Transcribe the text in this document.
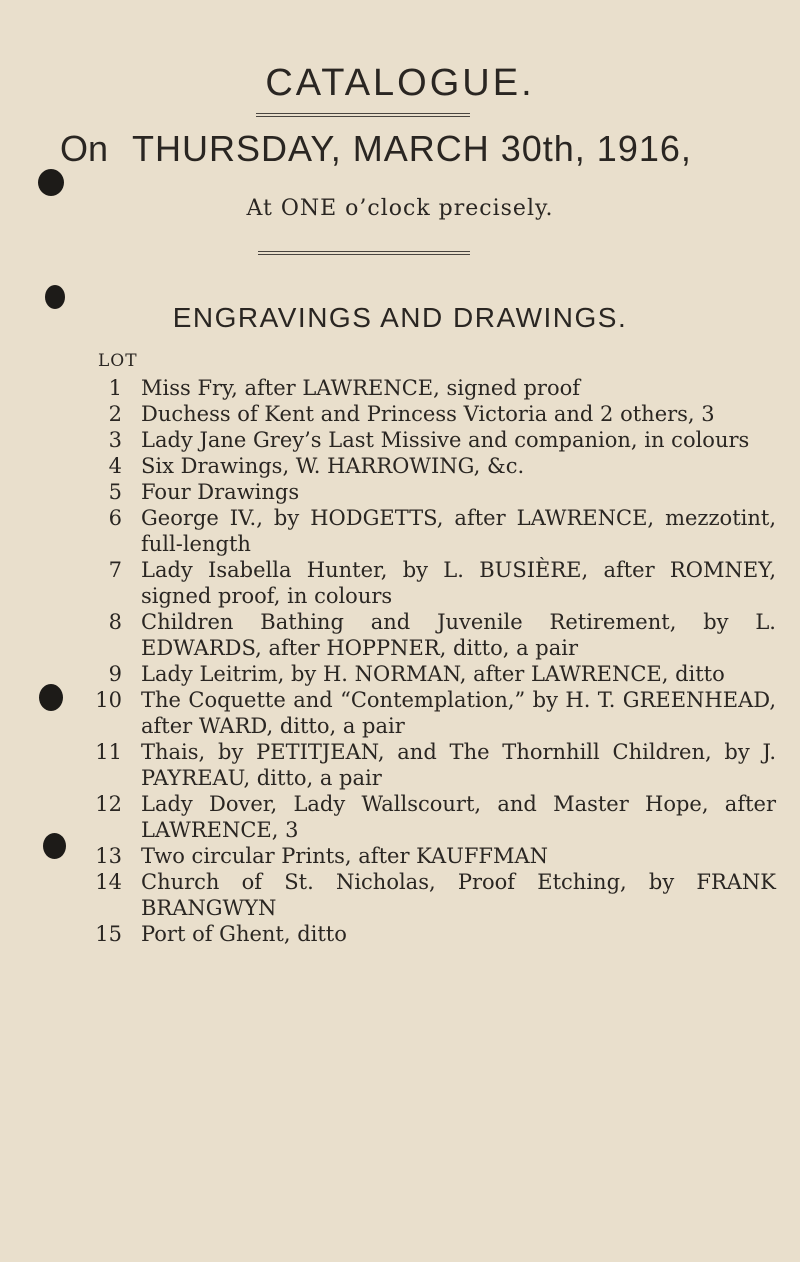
CATALOGUE.
On THURSDAY, MARCH 30th, 1916,
At ONE o’clock precisely.
ENGRAVINGS AND DRAWINGS.
LOT
1 Miss Fry, after LAWRENCE, signed proof
2 Duchess of Kent and Princess Victoria and 2 others, 3
3 Lady Jane Grey’s Last Missive and companion, in colours
4 Six Drawings, W. HARROWING, &c.
5 Four Drawings
6 George IV., by HODGETTS, after LAWRENCE, mezzotint, full-length
7 Lady Isabella Hunter, by L. BUSIÈRE, after ROMNEY, signed proof, in colours
8 Children Bathing and Juvenile Retirement, by L. EDWARDS, after HOPPNER, ditto, a pair
9 Lady Leitrim, by H. NORMAN, after LAWRENCE, ditto
10 The Coquette and “Contemplation,” by H. T. GREENHEAD, after WARD, ditto, a pair
11 Thais, by PETITJEAN, and The Thornhill Children, by J. PAYREAU, ditto, a pair
12 Lady Dover, Lady Wallscourt, and Master Hope, after LAWRENCE, 3
13 Two circular Prints, after KAUFFMAN
14 Church of St. Nicholas, Proof Etching, by FRANK BRANGWYN
15 Port of Ghent, ditto
